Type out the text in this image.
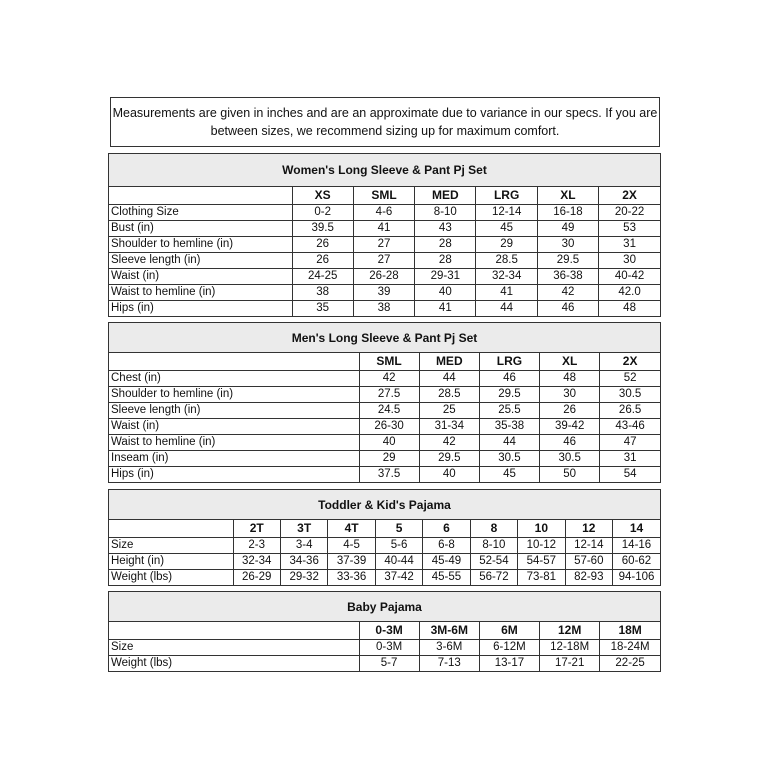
Measurements are given in inches and are an approximate due to variance in our specs. If you are
between sizes, we recommend sizing up for maximum comfort.
Women's Long Sleeve & Pant Pj Set
	XS	SML	MED	LRG	XL	2X
Clothing Size	0-2	4-6	8-10	12-14	16-18	20-22
Bust (in)	39.5	41	43	45	49	53
Shoulder to hemline (in)	26	27	28	29	30	31
Sleeve length (in)	26	27	28	28.5	29.5	30
Waist (in)	24-25	26-28	29-31	32-34	36-38	40-42
Waist to hemline (in)	38	39	40	41	42	42.0
Hips (in)	35	38	41	44	46	48
Men's Long Sleeve & Pant Pj Set
	SML	MED	LRG	XL	2X
Chest (in)	42	44	46	48	52
Shoulder to hemline (in)	27.5	28.5	29.5	30	30.5
Sleeve length (in)	24.5	25	25.5	26	26.5
Waist (in)	26-30	31-34	35-38	39-42	43-46
Waist to hemline (in)	40	42	44	46	47
Inseam (in)	29	29.5	30.5	30.5	31
Hips (in)	37.5	40	45	50	54
Toddler & Kid's Pajama
	2T	3T	4T	5	6	8	10	12	14
Size	2-3	3-4	4-5	5-6	6-8	8-10	10-12	12-14	14-16
Height (in)	32-34	34-36	37-39	40-44	45-49	52-54	54-57	57-60	60-62
Weight (lbs)	26-29	29-32	33-36	37-42	45-55	56-72	73-81	82-93	94-106
Baby Pajama
	0-3M	3M-6M	6M	12M	18M
Size	0-3M	3-6M	6-12M	12-18M	18-24M
Weight (lbs)	5-7	7-13	13-17	17-21	22-25
